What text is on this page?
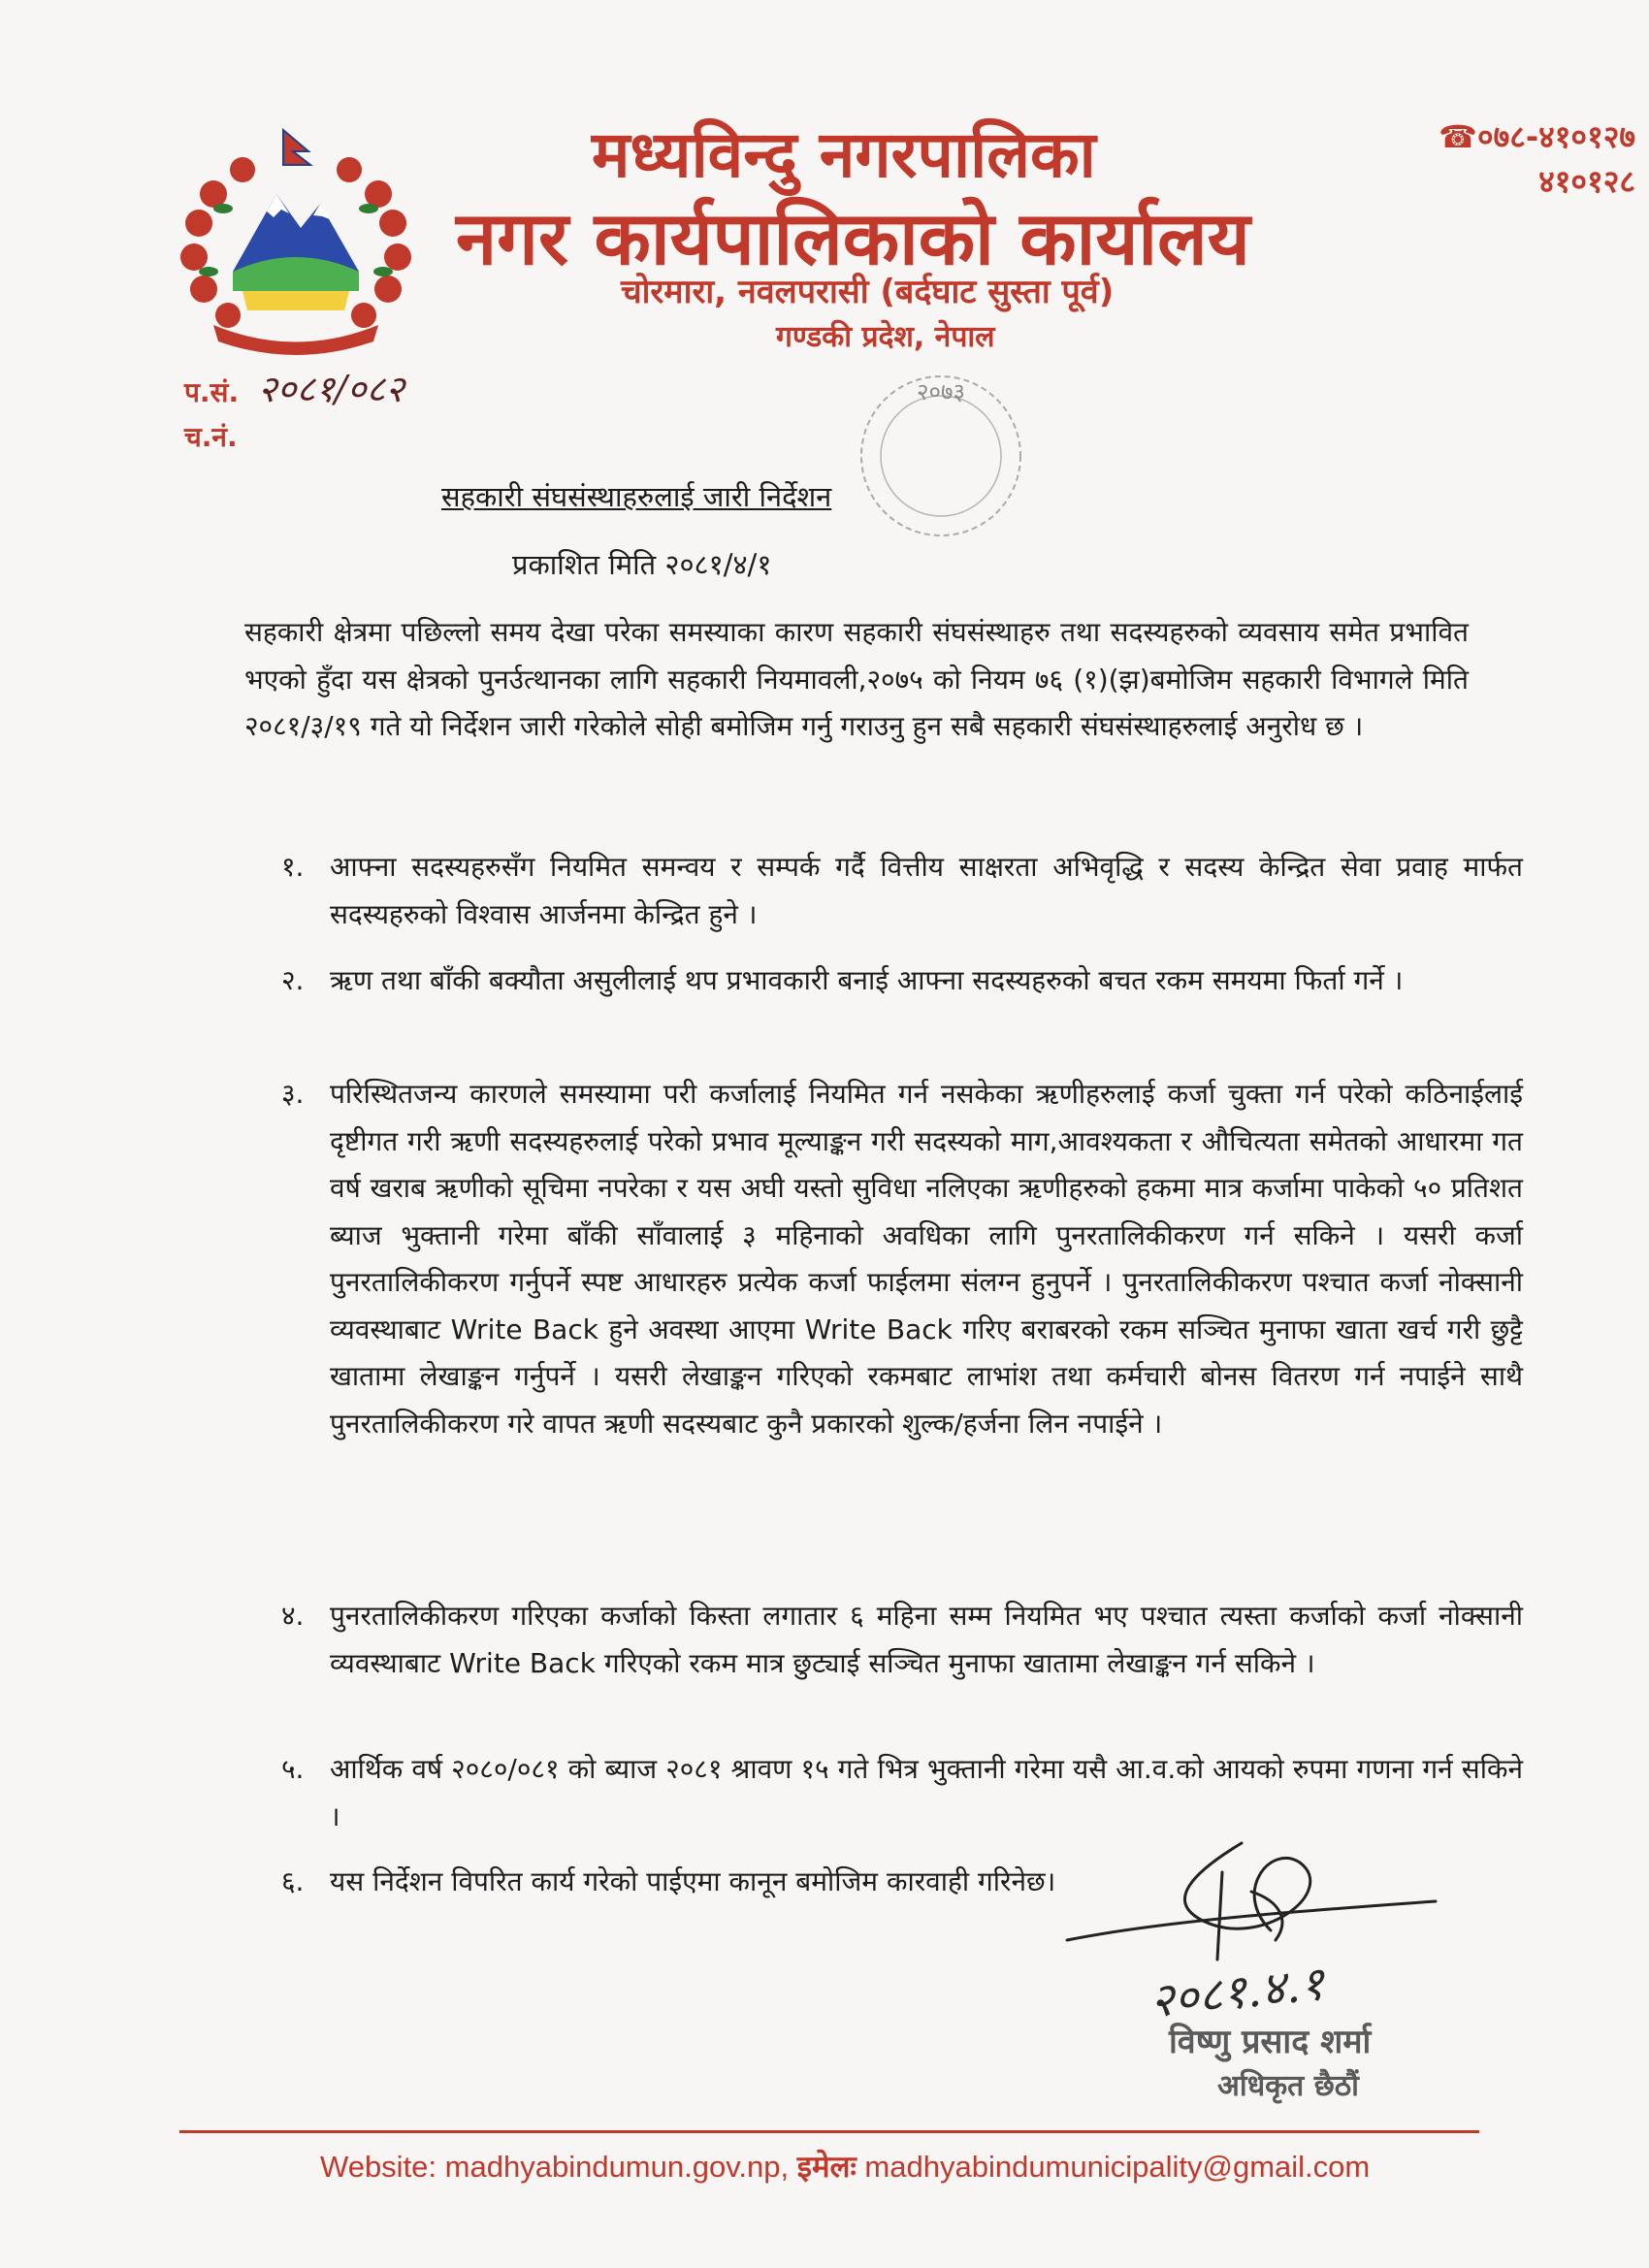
मध्यविन्दु नगरपालिका
नगर कार्यपालिकाको कार्यालय
चोरमारा, नवलपरासी (बर्दघाट सुस्ता पूर्व)
गण्डकी प्रदेश, नेपाल
☎०७८-४१०१२७
४१०१२८
प.सं. २०८१/०८२
च.नं.
२०७३
सहकारी संघसंस्थाहरुलाई जारी निर्देशन
प्रकाशित मिति २०८१/४/१
सहकारी क्षेत्रमा पछिल्लो समय देखा परेका समस्याका कारण सहकारी संघसंस्थाहरु तथा सदस्यहरुको व्यवसाय समेत प्रभावित भएको हुँदा यस क्षेत्रको पुनर्उत्थानका लागि सहकारी नियमावली,२०७५ को नियम ७६ (१)(झ)बमोजिम सहकारी विभागले मिति २०८१/३/१९ गते यो निर्देशन जारी गरेकोले सोही बमोजिम गर्नु गराउनु हुन सबै सहकारी संघसंस्थाहरुलाई अनुरोध छ ।
१. आफ्ना सदस्यहरुसँग नियमित समन्वय र सम्पर्क गर्दै वित्तीय साक्षरता अभिवृद्धि र सदस्य केन्द्रित सेवा प्रवाह मार्फत सदस्यहरुको विश्वास आर्जनमा केन्द्रित हुने ।
२. ऋण तथा बाँकी बक्यौता असुलीलाई थप प्रभावकारी बनाई आफ्ना सदस्यहरुको बचत रकम समयमा फिर्ता गर्ने ।
३. परिस्थितजन्य कारणले समस्यामा परी कर्जालाई नियमित गर्न नसकेका ऋणीहरुलाई कर्जा चुक्ता गर्न परेको कठिनाईलाई दृष्टीगत गरी ऋणी सदस्यहरुलाई परेको प्रभाव मूल्याङ्कन गरी सदस्यको माग,आवश्यकता र औचित्यता समेतको आधारमा गत वर्ष खराब ऋणीको सूचिमा नपरेका र यस अघी यस्तो सुविधा नलिएका ऋणीहरुको हकमा मात्र कर्जामा पाकेको ५० प्रतिशत ब्याज भुक्तानी गरेमा बाँकी साँवालाई ३ महिनाको अवधिका लागि पुनरतालिकीकरण गर्न सकिने । यसरी कर्जा पुनरतालिकीकरण गर्नुपर्ने स्पष्ट आधारहरु प्रत्येक कर्जा फाईलमा संलग्न हुनुपर्ने । पुनरतालिकीकरण पश्चात कर्जा नोक्सानी व्यवस्थाबाट Write Back हुने अवस्था आएमा Write Back गरिए बराबरको रकम सञ्चित मुनाफा खाता खर्च गरी छुट्टै खातामा लेखाङ्कन गर्नुपर्ने । यसरी लेखाङ्कन गरिएको रकमबाट लाभांश तथा कर्मचारी बोनस वितरण गर्न नपाईने साथै पुनरतालिकीकरण गरे वापत ऋणी सदस्यबाट कुनै प्रकारको शुल्क/हर्जना लिन नपाईने ।
४. पुनरतालिकीकरण गरिएका कर्जाको किस्ता लगातार ६ महिना सम्म नियमित भए पश्चात त्यस्ता कर्जाको कर्जा नोक्सानी व्यवस्थाबाट Write Back गरिएको रकम मात्र छुट्याई सञ्चित मुनाफा खातामा लेखाङ्कन गर्न सकिने ।
५. आर्थिक वर्ष २०८०/०८१ को ब्याज २०८१ श्रावण १५ गते भित्र भुक्तानी गरेमा यसै आ.व.को आयको रुपमा गणना गर्न सकिने ।
६. यस निर्देशन विपरित कार्य गरेको पाईएमा कानून बमोजिम कारवाही गरिनेछ।
२०८१.४.१
विष्णु प्रसाद शर्मा
अधिकृत छैठौं
Website: madhyabindumun.gov.np, इमेलः madhyabindumunicipality@gmail.com
